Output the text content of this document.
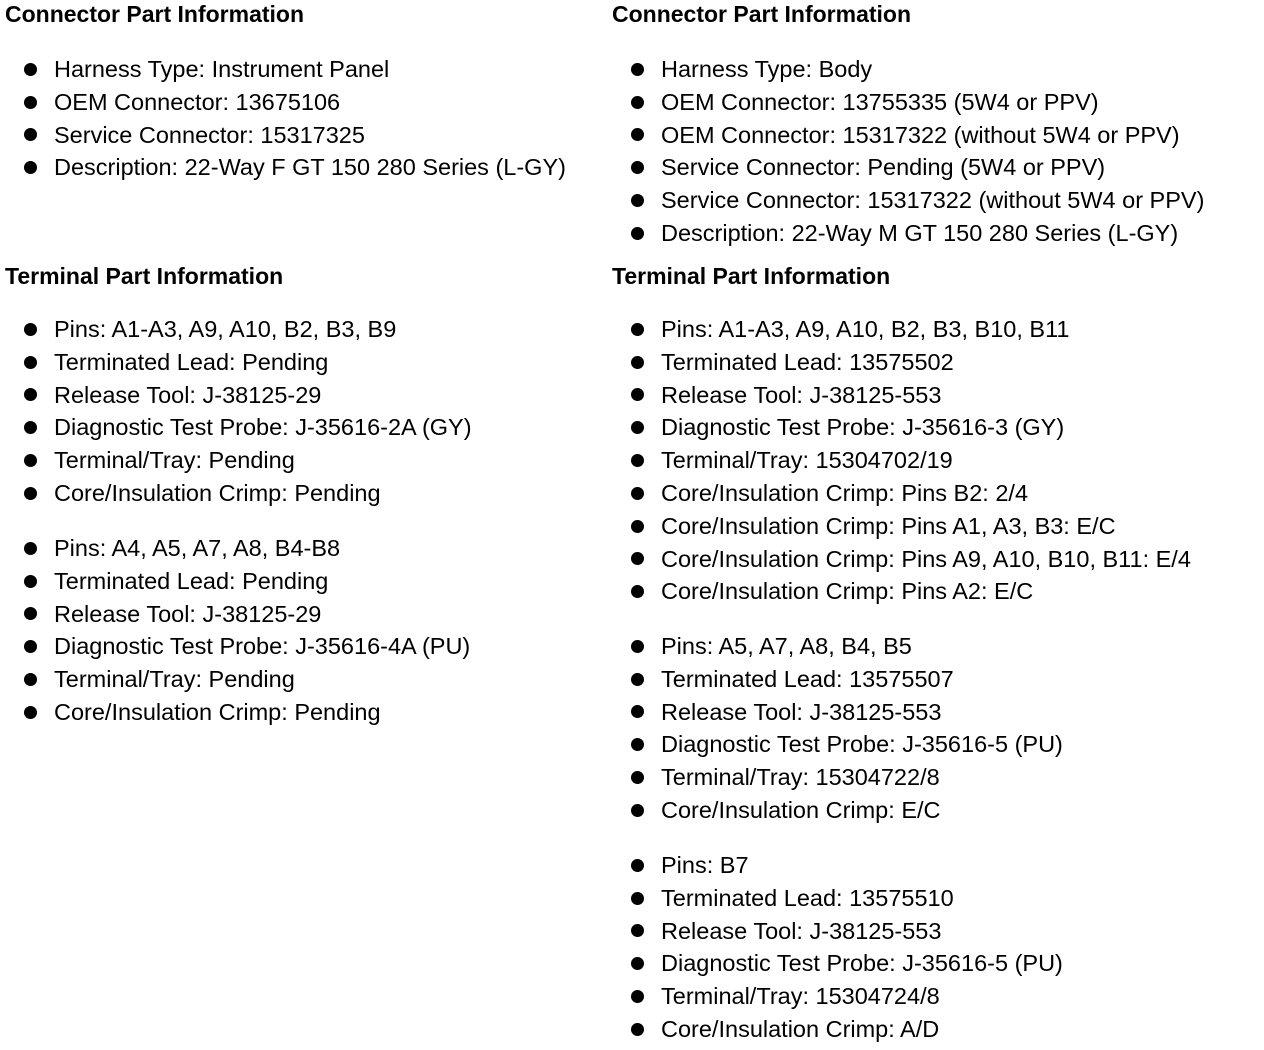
Connector Part Information
Harness Type: Instrument Panel
OEM Connector: 13675106
Service Connector: 15317325
Description: 22-Way F GT 150 280 Series (L-GY)
Terminal Part Information
Pins: A1-A3, A9, A10, B2, B3, B9
Terminated Lead: Pending
Release Tool: J-38125-29
Diagnostic Test Probe: J-35616-2A (GY)
Terminal/Tray: Pending
Core/Insulation Crimp: Pending
Pins: A4, A5, A7, A8, B4-B8
Terminated Lead: Pending
Release Tool: J-38125-29
Diagnostic Test Probe: J-35616-4A (PU)
Terminal/Tray: Pending
Core/Insulation Crimp: Pending
Connector Part Information
Harness Type: Body
OEM Connector: 13755335 (5W4 or PPV)
OEM Connector: 15317322 (without 5W4 or PPV)
Service Connector: Pending (5W4 or PPV)
Service Connector: 15317322 (without 5W4 or PPV)
Description: 22-Way M GT 150 280 Series (L-GY)
Terminal Part Information
Pins: A1-A3, A9, A10, B2, B3, B10, B11
Terminated Lead: 13575502
Release Tool: J-38125-553
Diagnostic Test Probe: J-35616-3 (GY)
Terminal/Tray: 15304702/19
Core/Insulation Crimp: Pins B2: 2/4
Core/Insulation Crimp: Pins A1, A3, B3: E/C
Core/Insulation Crimp: Pins A9, A10, B10, B11: E/4
Core/Insulation Crimp: Pins A2: E/C
Pins: A5, A7, A8, B4, B5
Terminated Lead: 13575507
Release Tool: J-38125-553
Diagnostic Test Probe: J-35616-5 (PU)
Terminal/Tray: 15304722/8
Core/Insulation Crimp: E/C
Pins: B7
Terminated Lead: 13575510
Release Tool: J-38125-553
Diagnostic Test Probe: J-35616-5 (PU)
Terminal/Tray: 15304724/8
Core/Insulation Crimp: A/D
